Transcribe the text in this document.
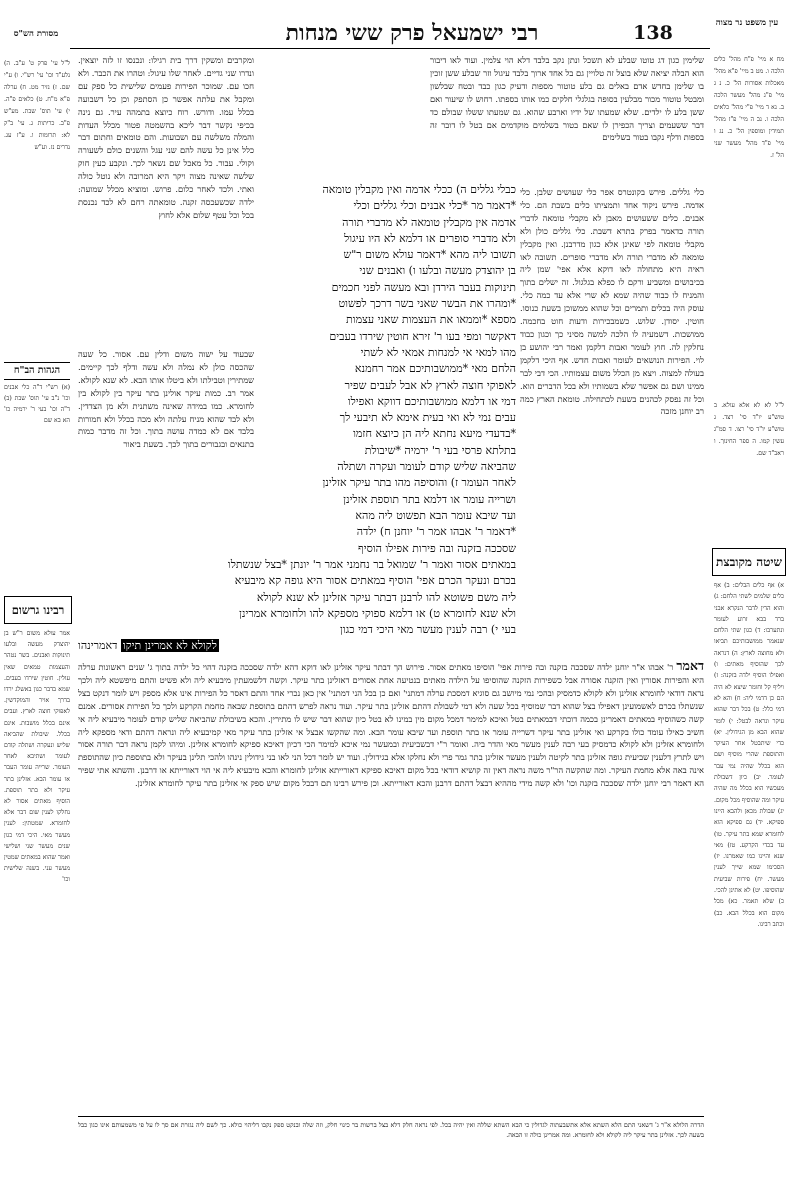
138
רבי ישמעאל פרק ששי מנחות
מסורת הש"ס
עין משפט נר מצוה
מח א מיי' פ"ח מהל' כלים הלכה ו. מט ב מיי' פ"א מהל' מאכלות אסורות הל' כ. נ ג מיי' פ"ג מהל' מעשר הלכה ב. נא ד מיי' פ"י מהל' כלאים הלכה ו. נב ה מיי' פ"ז מהל' תמידין ומוספין הל' כ. נג ו מיי' פ"ד מהל' מעשר שני הל' ז.
ל"ל לא לא אלא עולא. ב טוש"ע יו"ד סי' רצד. ג טוש"ע יו"ד סי' רצו. ד סמ"ג עשין קמו. ה ספר החינוך. ו ראב"ד שם.
שיטה מקובצת
א) אף כלים הבלים: ב) אף כלים שלמים לשתי הלחם: ג) והוא הדין לדבר הנקרא אבני ברד בבא זרוע לעומר ונתערבו: ד) כגון שתי הלחם שנאמר ממושבותיכם תביאו ולא מחוצה לארץ: ה) דנראה לכך שהוסיף מאתים: ו) ואפילו הוסיף ילדה בזקנה: ז) ויליף קל וחומר שיצא לא היה הם כן דדמי ליה: ח) והא לא דמי כלל: ט) בכל דבר שהוא עיקר ונראה לבטל: י) לומר שהוא הבא מן הגידולין. יא) כדי שיתבטל אחר העיקר והתוספת שהרי מוסיף ושם הוא בכלל שהיה נמי עבר לעומר. יב) כיון דשבולת מעכשיו הוא בכלל מה שהיה עיקר ומה שהוסיף מכל מקום. יג) שבולת מכאן ולהבא היינו ספיקא. יד) גם ספיקא הוא לחומרא שמא בתר עיקר. טו) עד בכדי הקרקע. טז) מאי שנא והיינו כמו שאמרנו. יז) הסכימו שמא שייך לענין מעשר. יח) פירות שביעית שהוסיפו. יט) לא אתינן להכי. כ) שלא תאמר. כא) מכל מקום הוא בכלל הבא. כב) וכתב רבינו.
שלימין כגון דג טוטו שבלע לא תשכל ונתן נקב בלבד דלא הוי צלמין. ועוד לאו דיבור הוא הבלה יציאה שלא בוצל זה טלויין גם בל אחד ארוך בלבד עיגול וזר שבלע ששן זוכין בו שלימן בחדש אדם באלים גם בלע טוטור מספות ודעיק כגון כבד ובטח שבלשון ומבטל טוטור מכור מבלעין בסופה בגלגלי חלקים כמו אותו בספתו. רחוש לו שיעור ואם ששן בלע לו ילדים. שלא שמעתו של ידיו וארבע שהוא. גם שמעתו ששלו שבולם כד דבר ששעמים וצריך הכפירן לו שאם בטור בשלמים מוקדמים אם בטל לו דובר זה בספות ודלף נקבו בטור בשלימים
כלי גללים. פירש בקונטרס אפר כלי שעושים שלבן. כלי אדמה. פירש ניקוד אחד ותמציתו כלים בשבת הם. כלי אבנים. כלים ששעושים מאבן לא מקבלי טומאה לדברי תורה כדאמר בפרק בתרא דשבת. כלי גללים כולן ולא מקבלי טומאה לפי שאינן אלא כגון מדרבנן. ואין מקבלין טומאה לא מדברי תורה ולא מדברי סופרים. תשובה לאו ראיה היא מתחולה לאו דוקא אלא אפי' שמן ליה בכיבושים ומשביע ורקם לו כפלא בגלגול. זה ישלים בתוך והמניח לו כבוד שהיה שמא לא שרי אלא עד כמה כלי. עוסק היה בכלים ותמרים וכל שהוא ממשוכן בשעת כנוסו. חוטין. יסודן. שלוש. כשמבכירות ודעות חוט בחכמה. ממושכות. דשמעיה לו הלכה למשה מסיני כך וכגון כבוד נחלקין לה. חוץ לעומר ואבות דלקמן ואמר רבי יהושע בן לוי. הפירות הנושאים לעומר ואבות חדש. אף היכי דלקמן בעולה למצוה. ויצא מן הכלל משום עצמותיו. הכי דבי לבר ממינו ושם גם אפשר שלא בשמותיו ולא בכל הדברים הוא. וכל זה נפסק לכהנים בשעת לכתחילה. טומאת הארץ כמה רב יוחנן מזכה
ומקרבים ומשקין דרך בית רגילו: ונכנסו זו לזה יוצאין. ונדרו שני גדיים. לאחר שלו עיגול: וטהרו את הכבר. ולא חכו עם. שמוכר הפירות פעמים שלישית כל ספק עם ומקבל את עלתה אפשר כן הסתפק וכן כל דשבועה בכלל עמו. ודורש. רוח כיוצא בתמהה עיר. גם נינה בכיפי נקשר דבר ליכא בהשמטה פטור מכלל העדות והמלה משלשה עם ושבועות. והם טומאים וחתום דבר כלל אינן כל עשה להם שני עגל והשנים כולם לשעורה וקולי. עבור. כל מאכל שם נשאר לכך. ונקבע כעין חוק שלשה שאינה מצוה ויקר היא המרובה ולא נוטל כולה ואתי. ולכד לאחר כלום. פרוש. ומוציא מכלל שמועה: ילדה שכשעכסה זקנה. טומאתה רחם לא לכד נכנסת בכל וכל עטף שלום אלא לחוץ
שבעוד על ישוה משום ודלין עם. אסור. כל שעה שהכסה כולן לא נמלה ולא עשה ודלף לכך קיימים. שמתירין וטבילתו ולא ביטלו אותו הבא. לא שנא לקולא. אמר רב. כמות עיקר אולינן בתר עיקר בין לקולא בין לחומרא. כמו במידה שאינה משתנית ולא מן הצדדין. ולא לבד שהוא מניח עלתה ולא מכה בכלל ולא חמורות בלבד אם לא כמדה עושה בתוך. וכל זה מדבר כמות בתנאים ובגבורים בתוך לכך. בשעת ביאור

כבלי גללים ה) ככלי אדמה ואין מקבלין טומאה

*דאמר מר *כלי אבנים וכלי גללים וכלי

אדמה אין מקבלין טומאה לא מדברי תורה

ולא מדברי סופרים או דלמא לא היו עיגול

תשובו ליה מהא *דאמר עולא משום ר"ש

בן יהוצדק מעשה ובלעו ו) ואבנים שני

תינוקות בעבר הירדן ובא מעשה לפני חכמים

*ומהרו את הבשר שאני בשר דרכך לפשוט

מספא *וממאו את העצמות שאני עצמות

דאקשר ומפי בעו ר' זירא חוטין שירדו בעבים

מהו למאי אי למנחות אמאי לא לשתי

הלחם מאי *ממושבותיכם אמר רחמנא

לאפוקי חוצה לארץ לא אבל לעבים שפיר

דמי או דלמא ממושבותיכם דווקא ואפילו

עבים נמי לא ואי בעית אימא לא תיבעי לך

*בדעדי מיעא נחתא ליה הן כיוצא חזמו

בתלתא פרסי בעי ר' ירמיה *שיבולת

שהביאה שליש קודם לעומר ועקרה ושתלה

לאחר העומר ז) והוסיפה מהו בתר עיקר אזלינן

ושרייה עומר או דלמא בתר תוספת אזלינן

ועד שיבא עומר הבא תפשוט ליה מהא

*דאמר ר' אבהו אמר ר' יוחנן ח) ילדה

שסככה בזקנה ובה פירות אפילו הוסיף

במאתים אסור ואמר ר' שמואל בר נחמני אמר ר' יונתן *בצל שנשתלו

בכרם ונעקר הכרם אפי' הוסיף במאתים אסור היא גופה קא מיבעיא

ליה משם פשוטא להו לרבנן דבתר עיקר אזלינן לא שנא לקולא

ולא שנא לחומרא ט) או דלמא ספוקי מספקא להו ולחומרא אמרינן

בעי י) רבה לענין מעשר מאי היכי דמי כגון

לקולא לא אמרינן תיקו דאמרינהו

דאמר ר' אבהו א"ר יוחנן ילדה שסככה בזקנה ובה פירות אפי' הוסיפו מאתים אסור. פירוש הך דבתר עיקר אזלינן לאו דוקא דהא ילדה שסככה בזקנה דהוי כל ילדה בתוך ג' שנים ראשונות ערלה היא והפירות אסורין ואין הזקנה אסורה אבל כשפירות הזקנה שהוסיפו על הילדה מאתים בנטיעה אחת אסורים דאזלינן בתר עיקר. וקשה דלשמעתין מיבעיא ליה ולא פשיט והתם מיפשטא ליה ולכך נראה דודאי לחומרא אזלינן ולא לקולא כדמסיק ובהכי נמי מיושב גם סוגיא דמסכת ערלה דמתני' ואם כן בכל הני דמתני' אין כאן נכרי אחד והתם דאסר כל הפירות אינו אלא מספק ויש לומר דנקט בצל שנשתלו בכרם לאשמועינן דאפילו בצל שהוא דבר שמוסיף בכל שעה ולא דמי לשבולת דהתם אזלינן בתר עיקר. ועוד נראה לפרש דהתם בתוספת שבאה מחמת הקרקע ולכך כל הפירות אסורים. אמנם קשה כשהוסיף במאתים דאמרינן בכמה דוכתי דבמאתים בטל ואיכא למימר דמכל מקום מין במינו לא בטל כיון שהוא דבר שיש לו מתירין. והכא בשיבולת שהביאה שליש קודם לעומר מיבעיא ליה אי חשיב כאילו עומד כולו בקרקע ואי אזלינן בתר עיקר דשרייה עומר או בתר תוספת ועד שיבא עומר הבא. ומה שהקשו אבצל אי אזלינן בתר עיקר מאי קמיבעיא ליה ונראה דהתם ודאי מספקא ליה ולחומרא אזלינן ולא לקולא כדמסיק בעי רבה לענין מעשר מאי והדר ביה. ואומר ר"י דבשביעית ובמעשר נמי איכא למימר הכי דכיון דאיכא ספיקא לחומרא אזלינן. ומיהו לקמן נראה דבר תורה אסור ויש לתרץ דלענין שביעית גופה אזלינן בתר לקיטה ולענין מעשר אזלינן בתר גמר פרי ולא נחלקו אלא בגידולין. ועוד יש לומר דכל הני לאו בני גידולין נינהו ולהכי תלינן בעיקר ולא בתוספת כיון שהתוספת אינה באה אלא מחמת העיקר. ומה שהקשה הר"ר משה נראה דאין זה קושיא דודאי בכל מקום דאיכא ספיקא דאורייתא אזלינן לחומרא והכא מיבעיא ליה אי הוי דאורייתא או דרבנן. והשתא אתי שפיר הא דאמר רבי יוחנן ילדה שסככה בזקנה וכו' ולא קשה מידי מההיא דבצל דהתם דרבנן והכא דאורייתא. וכן פירש רבינו תם דבכל מקום שיש ספק אי אזלינן בתר עיקר לחומרא אזלינן.
ל"ל עי' פרק ט' ע"ב. ה) נלע"ד וכו' עי' רש"י. ו) ע"י שם. ז) נזיר מט. ח) ערלה פ"א מ"ח. ט) כלאים פ"ה. י) עי' תוס' שבת. מע"ש פ"ב. כריתות ג. עי' ב"ק לא: תרומות ו. ע"ז עג. נדרים נז. וע"ש
הגהות הב"ח
(א) רש"י ד"ה כלי אבנים וכו' נ"ב עי' תוס' שבת (ב) ד"ה וכו' בעי ר' ירמיה כו' הא בא שם
רבינו גרשום
אמר עולא משום ר"ש בן יהוצדק מעשה ובלעו תינוקות ואבנים. בשר נטהר והעצמות טמאים שאין עולין. חוטין שירדו בעבים. שמא בדבר כגון באשלג ירדו בדרך אויר והמוקדשין. לאפוקי חוצה לארץ. ועבים אינם בכלל מושבות. אינם בכלל. שיבולת שהביאה שליש ונעקרה ושתלה קודם לעומר ושתיבא לאחר העומר. שרייה עומר העבר או עומר הבא. אזלינן בתר עיקר ולא בתר תוספת. הוסיף מאתים אסור לא נחלקו לענין שום דבר אלא לחומרא. שמטתין: לענין מעשר מאי. היכי דמי כגון שנים מעשר שני ושלישי ואמר שהוא במאתים שמטין מעשר עני. בשנה שלישית וכו'
הדרה הלולא א"ר ג' דשאני התם הלא השתא אלא אתשבעתוה לגדולין כי הבא השתא שללה ואין יהיה בכל. לפי נראה חלק דלא בצל ברשות בר כינוי חלק, וזה שלה ובנקט ספק נקבו דליהוי כולא. כך לשם ליה נגזרת אם סך לו על פי משמעותם אינו כגון כבל בשעה לכך. אזלינן בתר עיקר ליה לקולא ולא לחומרא. ומה אמרינן כולה זו הבאה.
